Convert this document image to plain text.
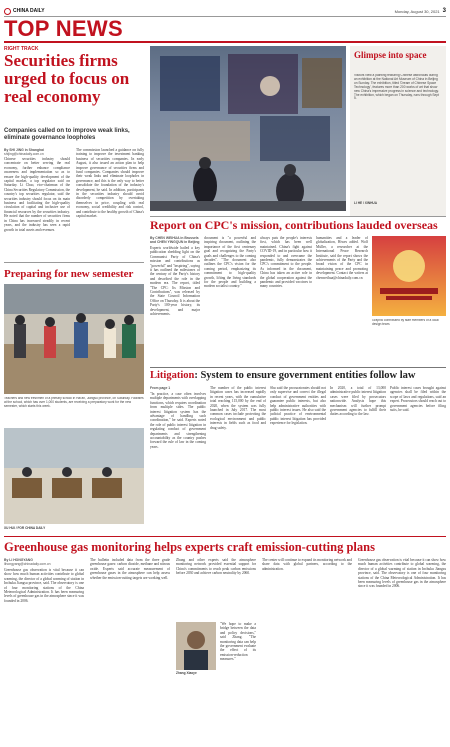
CHINA DAILY	Monday, August 30, 2021 3
TOP NEWS
RIGHT TRACK
Securities firms urged to focus on real economy
Companies called on to improve weak links, eliminate governance loopholes
By SHI JING in Shanghai
shijing@chinadaily.com.cn
Chinese securities industry should concentrate on better serving the real economy, further enhance compliance awareness and implementation so as to ensure the high-quality development of the capital market, a top regulator said on Saturday. Li Chao, vice-chairman of the China Securities Regulatory Commission, the country's top securities regulator, said the securities industry should focus on its main business and facilitating the high-quality circulation of capital and inclusive use of financial resources by the securities industry. He noted that the number of securities firms in China has increased steadily in recent years, and the industry has seen a rapid growth in total assets and revenues.
The commission launched a guidance on fully training to improve the investment banking business of securities companies. In early August, it also issued an action plan to help improve governance of securities firms and fund companies. Companies should improve their weak links and eliminate loopholes in governance, and this is the only way to better consolidate the foundation of the industry's development, he said. In addition, participants in the securities industry should avoid disorderly competition by overtaking themselves in price, coupling with real economy, social credibility and risk control, and contribute to the healthy growth of China's capital market.
Glimpse into space
Visitors view a painting featuring Chinese astronauts during an exhibition at the National Art Museum of China in Beijing on Sunday. The exhibition, titled 'Dream of Chinese Space Technology', features more than 200 works of art that show new China's impressive progress in science and technology. The exhibition, which began on Thursday, runs through Sept 5.
LI HE / XINHUA
Report on CPC's mission, contributions lauded overseas
By CHEN WEIHUA in Brussels and CHEN YINGQUN in Beijing
Experts worldwide hailed a key publication shedding light on the Communist Party of China's mission and contributions as "powerful" and "inspiring", saying it has outlined the milestones of the century of the Party's history and described the role in the modern era. The report, titled "The CPC: Its Mission and Contributions", was released by the State Council Information Office on Thursday. It is about the Party's 100-year history, its development, and major achievements.
document is "a powerful and inspiring document, outlining the importance of the first centenary goal and recognizing the Party's goals and challenges to the coming decades". "The document also outlines the CPC's vision for the coming period, emphasizing its commitment to high-quality growth, lifting the living standards for the people and building a modern socialist country."
always puts the people's interests first, which has been well maintained. China's fight against COVID-19, and in particular how it responded to and overcame the pandemic, fully demonstrates the CPC's commitment to the people. As informed in the document, China has taken an active role in the global cooperation against the pandemic and provided vaccines to many countries.
humanities and a leader of globalization, Hiwes added. Wolf Müller, a researcher at the International Peace Research Institute, said the report shows the achievements of the Party and the broad vision of the CPC in maintaining peace and promoting development. Contact the writers at chenweihua@chinadaily.com.cn
Graphic contributed by staff members of a local design team.
Preparing for new semester
Teachers and new freshmen of a primary school in Hai'an, Jiangsu province, on Saturday. Facilities at the school, which has over 1,000 students, are receiving a preparatory work for the new semester, which starts this week.
Litigation: System to ensure government entities follow law
From page 1
"In practice, a case often involves multiple departments with overlapping functions, which requires coordination from multiple sides. The public interest litigation system has the advantage of handling such coordination," he said. Experts noted the role of public interest litigation in regulating conduct of government departments and strengthening accountability as the country pushes forward the rule of law in the coming years.
The number of the public interest litigation cases has increased rapidly in recent years, with the cumulative total reaching 115,000 by the end of 2020, when the system was fully launched in July 2017. The most common cases include protecting the ecological environment and public interests in fields such as food and drug safety.
Shu said the procuratorates should not only supervise and correct the illegal conduct of government entities and guarantee public interests, but also help administrative authorities with public interest issues. He also said the judicial practice of environmental public interest litigation has provided experience for legislation.
In 2020, a total of 13,000 administrative public interest litigation cases were filed by prosecutors nationwide. Analysts hope this mechanism will further prompt government agencies to fulfill their duties according to the law.
Public interest cases brought against agencies shall be filed within the scope of laws and regulations, said an expert. Prosecutors should reach out to government agencies before filing suits, he said.
XU HUI / FOR CHINA DAILY
Greenhouse gas monitoring helps experts craft emission-cutting plans
By LI HONGYANG
lihongyang@chinadaily.com.cn
Greenhouse gas observation is vital because it can show how much human activities contribute to global warming, the director of a global warming of station in Inchuku Jiangsu province, said. The observatory is one of four monitoring stations of the China Meteorological Administration. It has been measuring levels of greenhouse gas in the atmosphere since it was founded in 2006.
The bulletin included data from the three grade greenhouse gases: carbon dioxide, methane and nitrous oxide. Experts said accurate measurement of greenhouse gases in the atmosphere can help assess whether the emission-cutting targets are working well.
Zhang and other experts said the atmosphere monitoring network provided essential support for China's commitments to reach peak carbon emissions before 2030 and achieve carbon neutrality by 2060.
Zhang Xiaoye
"We hope to make a bridge between the data and policy decisions," said Zhang. "The monitoring data can help the government evaluate the effect of its emission-reduction measures."
The center will continue to expand its monitoring network and share data with global partners, according to the administration.
Greenhouse gas observation is vital because it can show how much human activities contribute to global warming, the director of a global warming of station in Inchuku Jiangsu province, said. The observatory is one of four monitoring stations of the China Meteorological Administration. It has been measuring levels of greenhouse gas in the atmosphere since it was founded in 2006.
